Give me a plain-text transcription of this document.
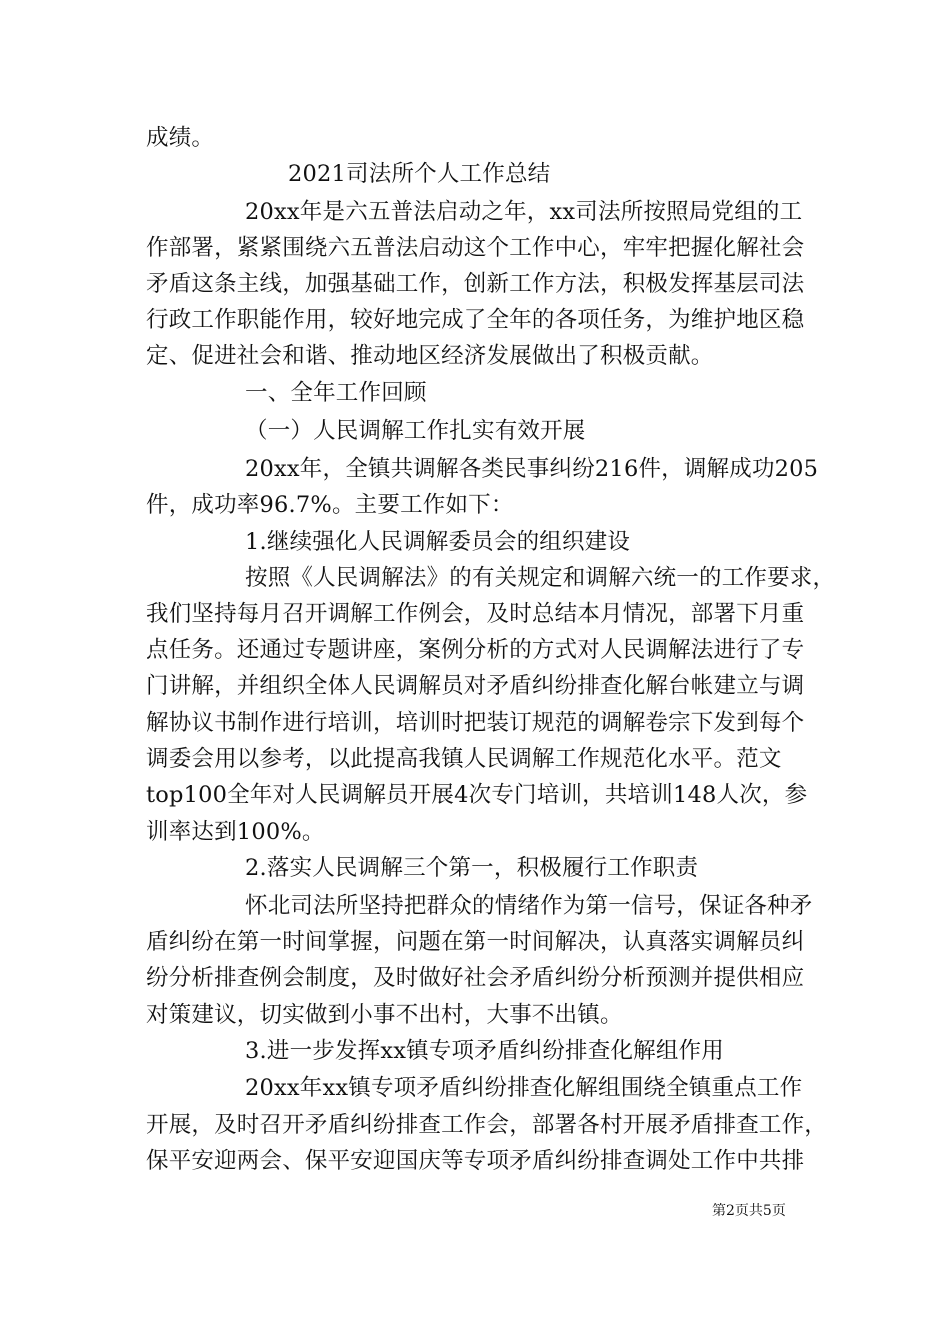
成绩。
2021司法所个人工作总结
20xx年是六五普法启动之年，xx司法所按照局党组的工
作部署，紧紧围绕六五普法启动这个工作中心，牢牢把握化解社会
矛盾这条主线，加强基础工作，创新工作方法，积极发挥基层司法
行政工作职能作用，较好地完成了全年的各项任务，为维护地区稳
定、促进社会和谐、推动地区经济发展做出了积极贡献。
一、全年工作回顾
（一）人民调解工作扎实有效开展
20xx年，全镇共调解各类民事纠纷216件，调解成功205
件，成功率96.7%。主要工作如下：
1.继续强化人民调解委员会的组织建设
按照《人民调解法》的有关规定和调解六统一的工作要求，
我们坚持每月召开调解工作例会，及时总结本月情况，部署下月重
点任务。还通过专题讲座，案例分析的方式对人民调解法进行了专
门讲解，并组织全体人民调解员对矛盾纠纷排查化解台帐建立与调
解协议书制作进行培训，培训时把装订规范的调解卷宗下发到每个
调委会用以参考，以此提高我镇人民调解工作规范化水平。范文
top100全年对人民调解员开展4次专门培训，共培训148人次，参
训率达到100%。
2.落实人民调解三个第一，积极履行工作职责
怀北司法所坚持把群众的情绪作为第一信号，保证各种矛
盾纠纷在第一时间掌握，问题在第一时间解决，认真落实调解员纠
纷分析排查例会制度，及时做好社会矛盾纠纷分析预测并提供相应
对策建议，切实做到小事不出村，大事不出镇。
3.进一步发挥xx镇专项矛盾纠纷排查化解组作用
20xx年xx镇专项矛盾纠纷排查化解组围绕全镇重点工作
开展，及时召开矛盾纠纷排查工作会，部署各村开展矛盾排查工作，
保平安迎两会、保平安迎国庆等专项矛盾纠纷排查调处工作中共排
第2页共5页
